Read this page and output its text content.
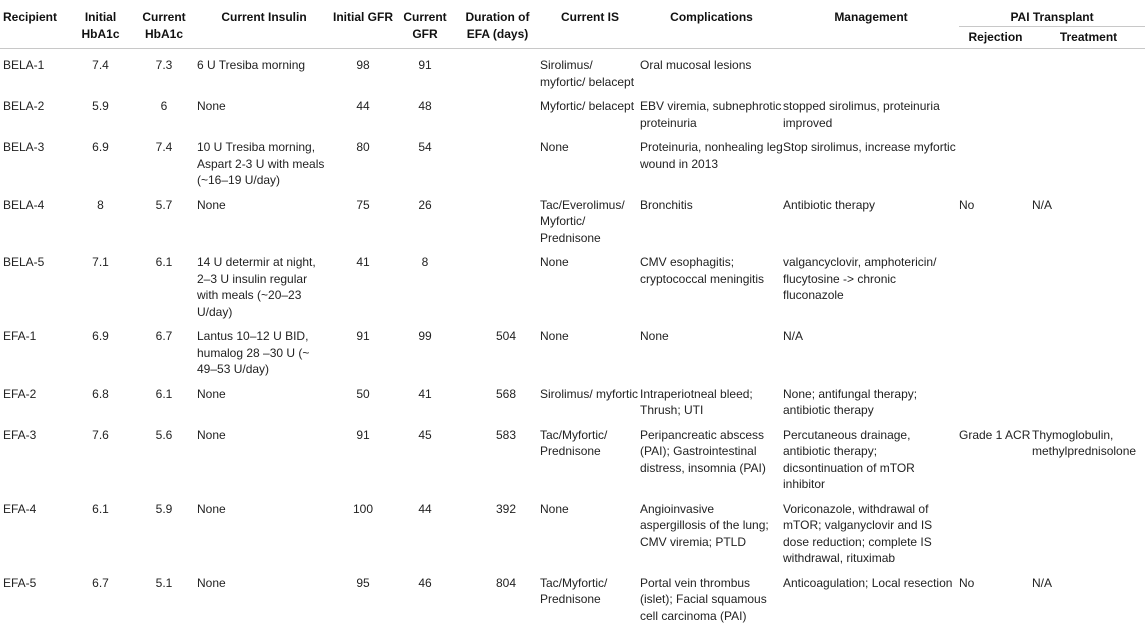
Recipient	Initial HbA1c	Current HbA1c	Current Insulin	Initial GFR	Current GFR	Duration of EFA (days)	Current IS	Complications	Management	PAI Transplant	
										Rejection	Treatment
BELA-1	7.4	7.3	6 U Tresiba morning	98	91		Sirolimus/ myfortic/ belacept	Oral mucosal lesions			
BELA-2	5.9	6	None	44	48		Myfortic/ belacept	EBV viremia, subnephrotic proteinuria	stopped sirolimus, proteinuria improved		
BELA-3	6.9	7.4	10 U Tresiba morning, Aspart 2-3 U with meals (~16–19 U/day)	80	54		None	Proteinuria, nonhealing leg wound in 2013	Stop sirolimus, increase myfortic		
BELA-4	8	5.7	None	75	26		Tac/Everolimus/ Myfortic/ Prednisone	Bronchitis	Antibiotic therapy	No	N/A
BELA-5	7.1	6.1	14 U determir at night, 2–3 U insulin regular with meals (~20–23 U/day)	41	8		None	CMV esophagitis; cryptococcal meningitis	valgancyclovir, amphotericin/ flucytosine -> chronic fluconazole		
EFA-1	6.9	6.7	Lantus 10–12 U BID, humalog 28 –30 U (~ 49–53 U/day)	91	99	504	None	None	N/A		
EFA-2	6.8	6.1	None	50	41	568	Sirolimus/ myfortic	Intraperiotneal bleed; Thrush; UTI	None; antifungal therapy; antibiotic therapy		
EFA-3	7.6	5.6	None	91	45	583	Tac/Myfortic/ Prednisone	Peripancreatic abscess (PAI); Gastrointestinal distress, insomnia (PAI)	Percutaneous drainage, antibiotic therapy; dicsontinuation of mTOR inhibitor	Grade 1 ACR	Thymoglobulin, methylprednisolone
EFA-4	6.1	5.9	None	100	44	392	None	Angioinvasive aspergillosis of the lung; CMV viremia; PTLD	Voriconazole, withdrawal of mTOR; valganyclovir and IS dose reduction; complete IS withdrawal, rituximab		
EFA-5	6.7	5.1	None	95	46	804	Tac/Myfortic/ Prednisone	Portal vein thrombus (islet); Facial squamous cell carcinoma (PAI)	Anticoagulation; Local resection	No	N/A
